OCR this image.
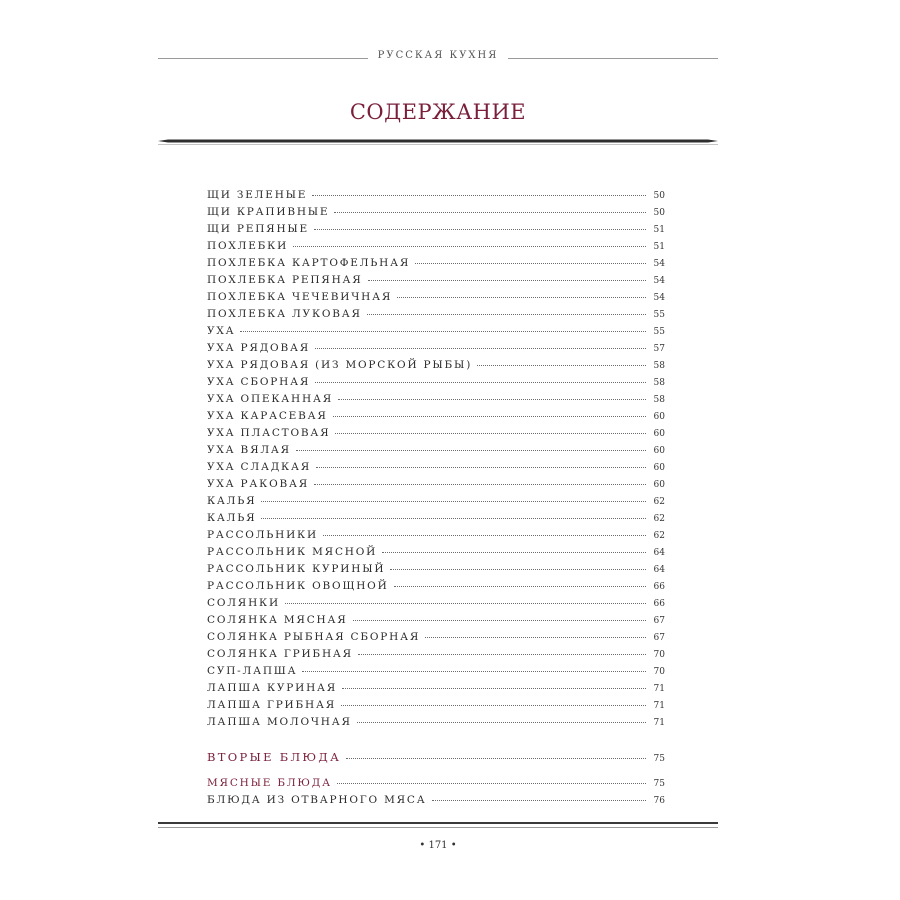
РУССКАЯ КУХНЯ
СОДЕРЖАНИЕ
ЩИ ЗЕЛЕНЫЕ	50
ЩИ КРАПИВНЫЕ	50
ЩИ РЕПЯНЫЕ	51
ПОХЛЕБКИ	51
ПОХЛЕБКА КАРТОФЕЛЬНАЯ	54
ПОХЛЕБКА РЕПЯНАЯ	54
ПОХЛЕБКА ЧЕЧЕВИЧНАЯ	54
ПОХЛЕБКА ЛУКОВАЯ	55
УХА	55
УХА РЯДОВАЯ	57
УХА РЯДОВАЯ (ИЗ МОРСКОЙ РЫБЫ)	58
УХА СБОРНАЯ	58
УХА ОПЕКАННАЯ	58
УХА КАРАСЕВАЯ	60
УХА ПЛАСТОВАЯ	60
УХА ВЯЛАЯ	60
УХА СЛАДКАЯ	60
УХА РАКОВАЯ	60
КАЛЬЯ	62
КАЛЬЯ	62
РАССОЛЬНИКИ	62
РАССОЛЬНИК МЯСНОЙ	64
РАССОЛЬНИК КУРИНЫЙ	64
РАССОЛЬНИК ОВОЩНОЙ	66
СОЛЯНКИ	66
СОЛЯНКА МЯСНАЯ	67
СОЛЯНКА РЫБНАЯ СБОРНАЯ	67
СОЛЯНКА ГРИБНАЯ	70
СУП-ЛАПША	70
ЛАПША КУРИНАЯ	71
ЛАПША ГРИБНАЯ	71
ЛАПША МОЛОЧНАЯ	71
ВТОРЫЕ БЛЮДА	75
МЯСНЫЕ БЛЮДА	75
БЛЮДА ИЗ ОТВАРНОГО МЯСА	76
• 171 •
